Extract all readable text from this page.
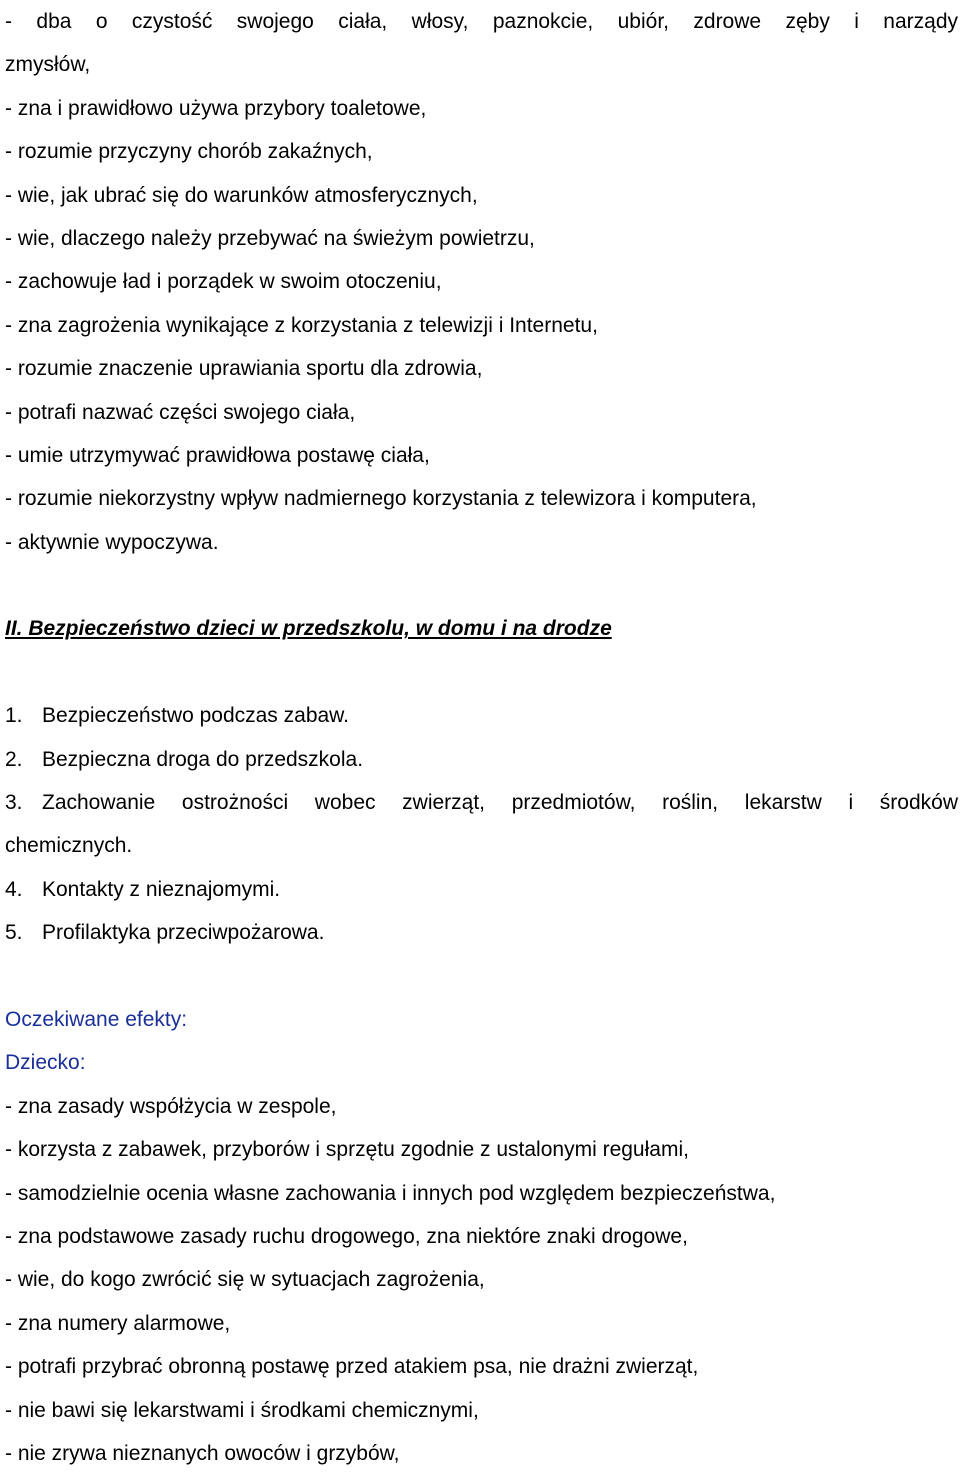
- dba o czystość swojego ciała, włosy, paznokcie, ubiór, zdrowe zęby i narządy
zmysłów,
- zna i prawidłowo używa przybory toaletowe,
- rozumie przyczyny chorób zakaźnych,
- wie, jak ubrać się do warunków atmosferycznych,
- wie, dlaczego należy przebywać na świeżym powietrzu,
- zachowuje ład i porządek w swoim otoczeniu,
- zna zagrożenia wynikające z korzystania z telewizji i Internetu,
- rozumie znaczenie uprawiania sportu dla zdrowia,
- potrafi nazwać części swojego ciała,
- umie utrzymywać prawidłowa postawę ciała,
- rozumie niekorzystny wpływ nadmiernego korzystania z telewizora i komputera,
- aktywnie wypoczywa.
II. Bezpieczeństwo dzieci w przedszkolu, w domu i na drodze
1. Bezpieczeństwo podczas zabaw.
2. Bezpieczna droga do przedszkola.
3. Zachowanie ostrożności wobec zwierząt, przedmiotów, roślin, lekarstw i środków
chemicznych.
4. Kontakty z nieznajomymi.
5. Profilaktyka przeciwpożarowa.
Oczekiwane efekty:
Dziecko:
- zna zasady współżycia w zespole,
- korzysta z zabawek, przyborów i sprzętu zgodnie z ustalonymi regułami,
- samodzielnie ocenia własne zachowania i innych pod względem bezpieczeństwa,
- zna podstawowe zasady ruchu drogowego, zna niektóre znaki drogowe,
- wie, do kogo zwrócić się w sytuacjach zagrożenia,
- zna numery alarmowe,
- potrafi przybrać obronną postawę przed atakiem psa, nie drażni zwierząt,
- nie bawi się lekarstwami i środkami chemicznymi,
- nie zrywa nieznanych owoców i grzybów,
